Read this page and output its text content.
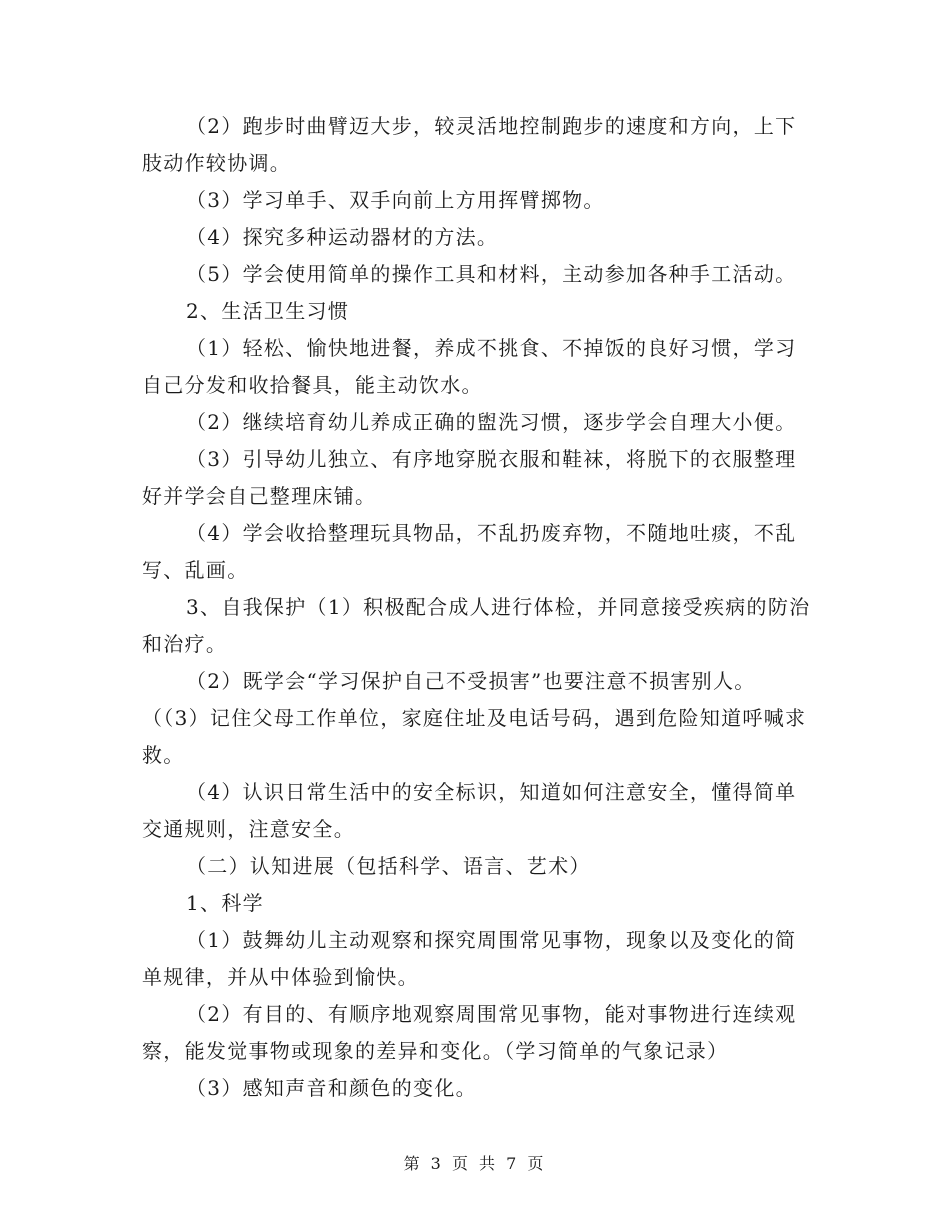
（2）跑步时曲臂迈大步，较灵活地控制跑步的速度和方向，上下肢动作较协调。

（3）学习单手、双手向前上方用挥臂掷物。

（4）探究多种运动器材的方法。

（5）学会使用简单的操作工具和材料，主动参加各种手工活动。

2、生活卫生习惯

（1）轻松、愉快地进餐，养成不挑食、不掉饭的良好习惯，学习自己分发和收拾餐具，能主动饮水。

（2）继续培育幼儿养成正确的盥洗习惯，逐步学会自理大小便。

（3）引导幼儿独立、有序地穿脱衣服和鞋袜，将脱下的衣服整理好并学会自己整理床铺。

（4）学会收拾整理玩具物品，不乱扔废弃物，不随地吐痰，不乱写、乱画。

3、自我保护（1）积极配合成人进行体检，并同意接受疾病的防治和治疗。

（2）既学会“学习保护自己不受损害”也要注意不损害别人。

（（3）记住父母工作单位，家庭住址及电话号码，遇到危险知道呼喊求救。

（4）认识日常生活中的安全标识，知道如何注意安全，懂得简单交通规则，注意安全。

（二）认知进展（包括科学、语言、艺术）

1、科学

（1）鼓舞幼儿主动观察和探究周围常见事物，现象以及变化的简单规律，并从中体验到愉快。

（2）有目的、有顺序地观察周围常见事物，能对事物进行连续观察，能发觉事物或现象的差异和变化。（学习简单的气象记录）

（3）感知声音和颜色的变化。

第 3 页 共 7 页
